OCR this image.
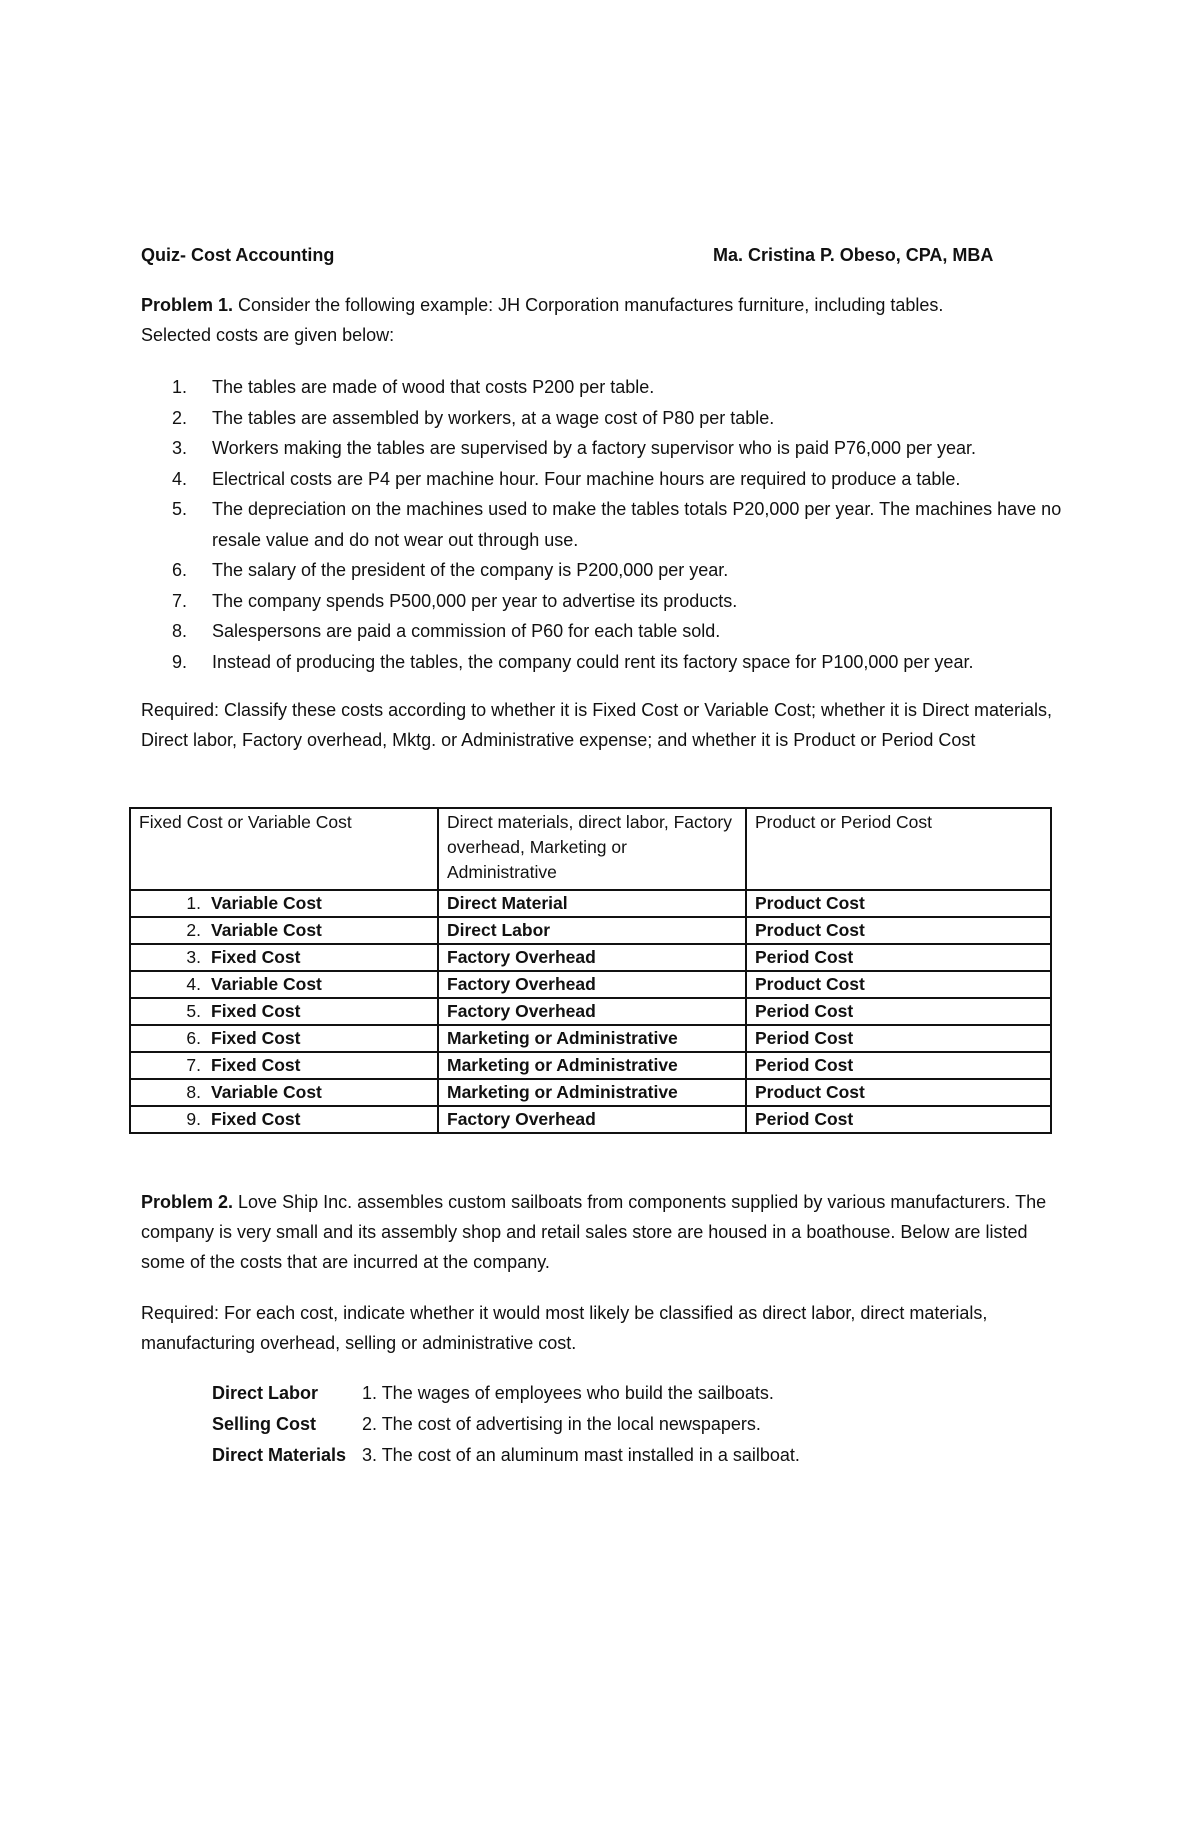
Quiz- Cost Accounting	Ma. Cristina P. Obeso, CPA, MBA

Problem 1. Consider the following example: JH Corporation manufactures furniture, including tables.
Selected costs are given below:

1.	The tables are made of wood that costs P200 per table.
2.	The tables are assembled by workers, at a wage cost of P80 per table.
3.	Workers making the tables are supervised by a factory supervisor who is paid P76,000 per year.
4.	Electrical costs are P4 per machine hour. Four machine hours are required to produce a table.
5.	The depreciation on the machines used to make the tables totals P20,000 per year. The machines have no resale value and do not wear out through use.
6.	The salary of the president of the company is P200,000 per year.
7.	The company spends P500,000 per year to advertise its products.
8.	Salespersons are paid a commission of P60 for each table sold.
9.	Instead of producing the tables, the company could rent its factory space for P100,000 per year.

Required: Classify these costs according to whether it is Fixed Cost or Variable Cost; whether it is Direct materials, Direct labor, Factory overhead, Mktg. or Administrative expense; and whether it is Product or Period Cost

Fixed Cost or Variable Cost	Direct materials, direct labor, Factory overhead, Marketing or Administrative	Product or Period Cost
1. Variable Cost	Direct Material	Product Cost
2. Variable Cost	Direct Labor	Product Cost
3. Fixed Cost	Factory Overhead	Period Cost
4. Variable Cost	Factory Overhead	Product Cost
5. Fixed Cost	Factory Overhead	Period Cost
6. Fixed Cost	Marketing or Administrative	Period Cost
7. Fixed Cost	Marketing or Administrative	Period Cost
8. Variable Cost	Marketing or Administrative	Product Cost
9. Fixed Cost	Factory Overhead	Period Cost

Problem 2. Love Ship Inc. assembles custom sailboats from components supplied by various manufacturers. The company is very small and its assembly shop and retail sales store are housed in a boathouse. Below are listed some of the costs that are incurred at the company.

Required: For each cost, indicate whether it would most likely be classified as direct labor, direct materials, manufacturing overhead, selling or administrative cost.

Direct Labor 1. The wages of employees who build the sailboats.
Selling Cost	2. The cost of advertising in the local newspapers.
Direct Materials 3. The cost of an aluminum mast installed in a sailboat.
